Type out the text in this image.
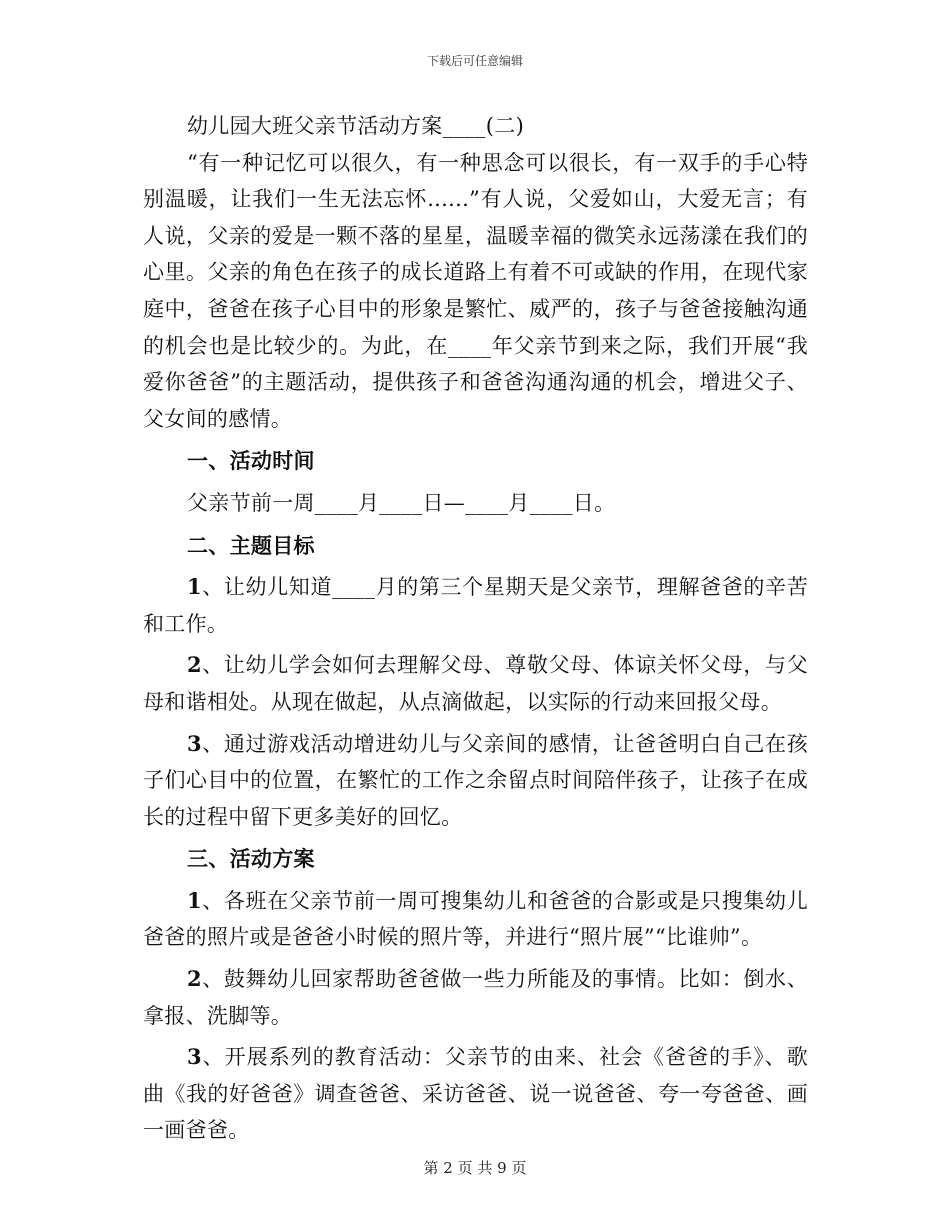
下载后可任意编辑

幼儿园大班父亲节活动方案____(二)

“有一种记忆可以很久，有一种思念可以很长，有一双手的手心特别温暖，让我们一生无法忘怀......”有人说，父爱如山，大爱无言；有人说，父亲的爱是一颗不落的星星，温暖幸福的微笑永远荡漾在我们的心里。父亲的角色在孩子的成长道路上有着不可或缺的作用，在现代家庭中，爸爸在孩子心目中的形象是繁忙、威严的，孩子与爸爸接触沟通的机会也是比较少的。为此，在____年父亲节到来之际，我们开展“我爱你爸爸”的主题活动，提供孩子和爸爸沟通沟通的机会，增进父子、父女间的感情。

一、活动时间

父亲节前一周____月____日—____月____日。

二、主题目标

1、让幼儿知道____月的第三个星期天是父亲节，理解爸爸的辛苦和工作。

2、让幼儿学会如何去理解父母、尊敬父母、体谅关怀父母，与父母和谐相处。从现在做起，从点滴做起，以实际的行动来回报父母。

3、通过游戏活动增进幼儿与父亲间的感情，让爸爸明白自己在孩子们心目中的位置，在繁忙的工作之余留点时间陪伴孩子，让孩子在成长的过程中留下更多美好的回忆。

三、活动方案

1、各班在父亲节前一周可搜集幼儿和爸爸的合影或是只搜集幼儿爸爸的照片或是爸爸小时候的照片等，并进行“照片展”“比谁帅”。

2、鼓舞幼儿回家帮助爸爸做一些力所能及的事情。比如：倒水、拿报、洗脚等。

3、开展系列的教育活动：父亲节的由来、社会《爸爸的手》、歌曲《我的好爸爸》调查爸爸、采访爸爸、说一说爸爸、夸一夸爸爸、画一画爸爸。

第 2 页 共 9 页
